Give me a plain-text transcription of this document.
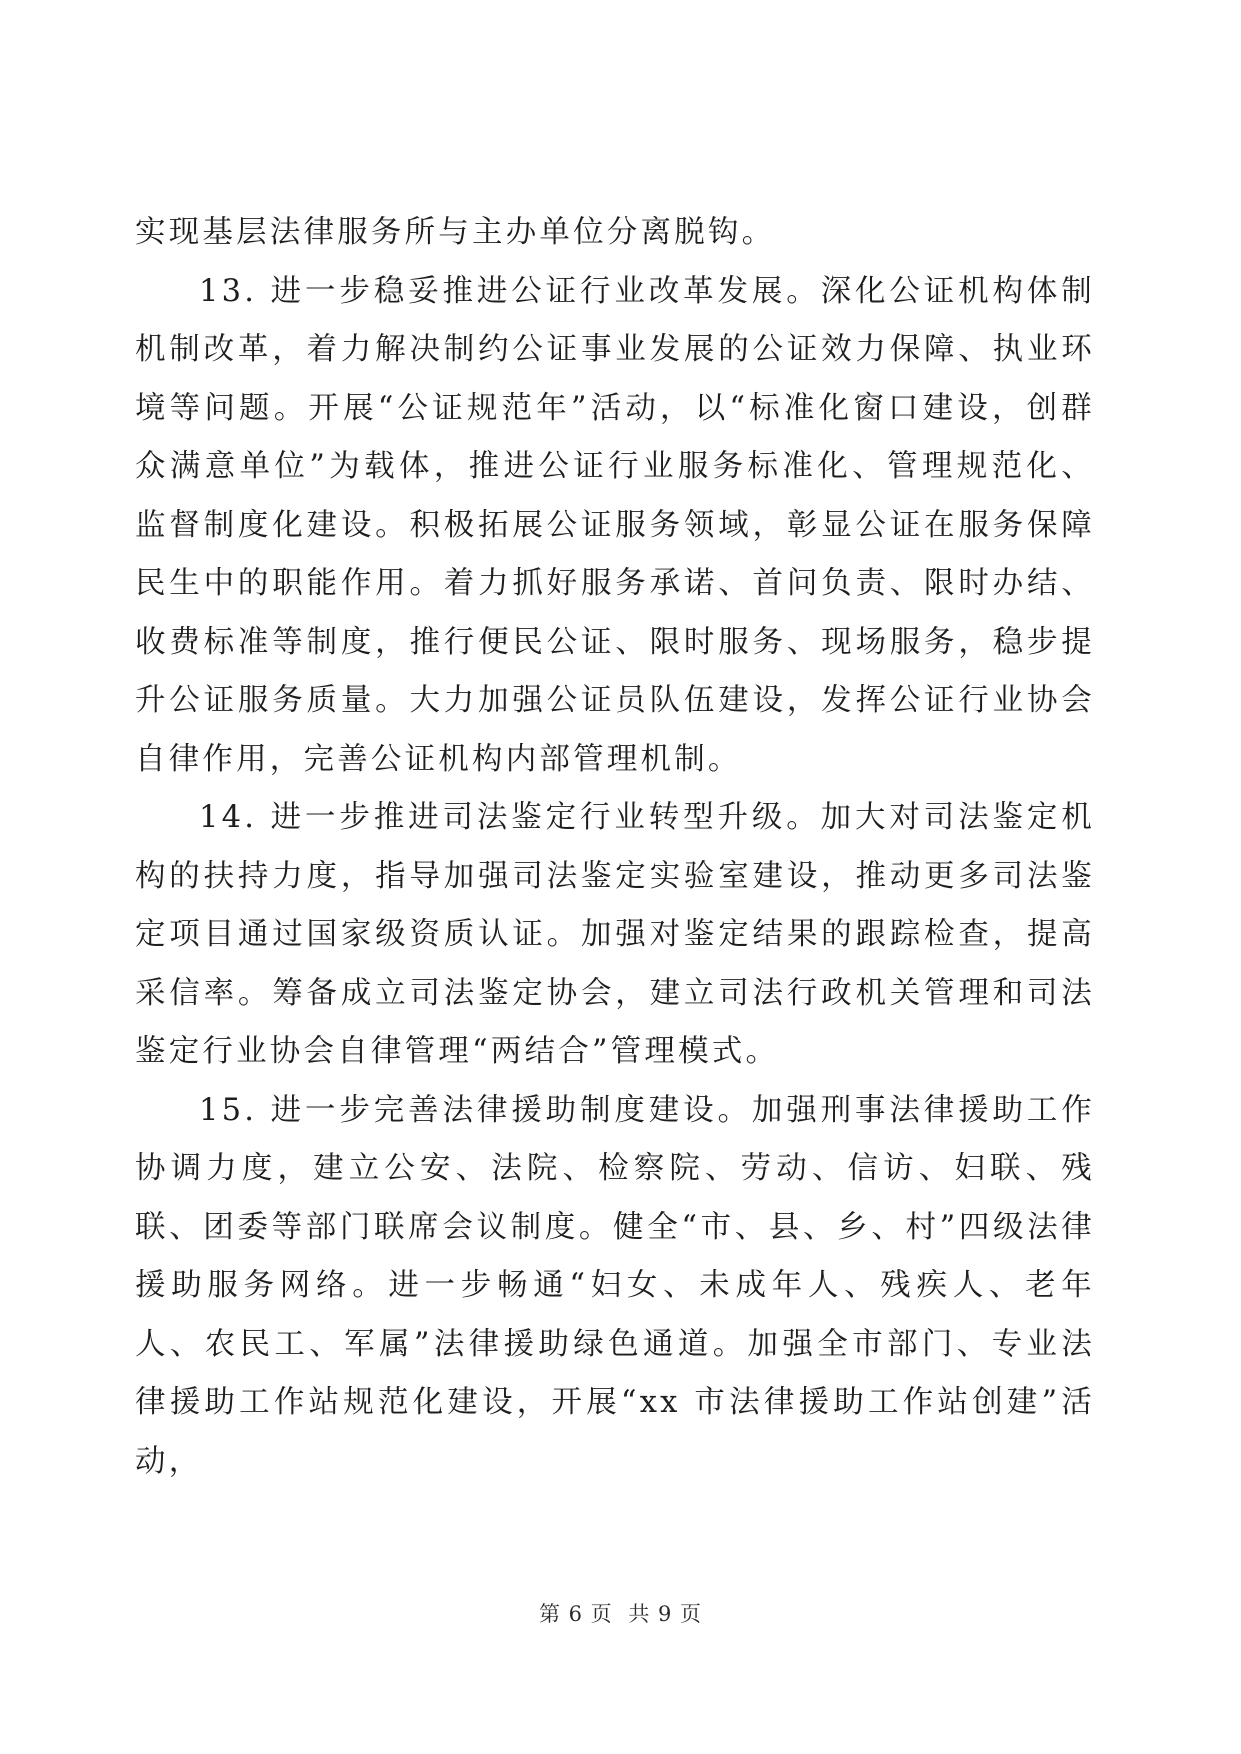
实现基层法律服务所与主办单位分离脱钩。

13. 进一步稳妥推进公证行业改革发展。深化公证机构体制机制改革，着力解决制约公证事业发展的公证效力保障、执业环境等问题。开展“公证规范年”活动，以“标准化窗口建设，创群众满意单位”为载体，推进公证行业服务标准化、管理规范化、监督制度化建设。积极拓展公证服务领域，彰显公证在服务保障民生中的职能作用。着力抓好服务承诺、首问负责、限时办结、收费标准等制度，推行便民公证、限时服务、现场服务，稳步提升公证服务质量。大力加强公证员队伍建设，发挥公证行业协会自律作用，完善公证机构内部管理机制。

14. 进一步推进司法鉴定行业转型升级。加大对司法鉴定机构的扶持力度，指导加强司法鉴定实验室建设，推动更多司法鉴定项目通过国家级资质认证。加强对鉴定结果的跟踪检查，提高采信率。筹备成立司法鉴定协会，建立司法行政机关管理和司法鉴定行业协会自律管理“两结合”管理模式。

15. 进一步完善法律援助制度建设。加强刑事法律援助工作协调力度，建立公安、法院、检察院、劳动、信访、妇联、残联、团委等部门联席会议制度。健全“市、县、乡、村”四级法律援助服务网络。进一步畅通“妇女、未成年人、残疾人、老年人、农民工、军属”法律援助绿色通道。加强全市部门、专业法律援助工作站规范化建设，开展“xx 市法律援助工作站创建”活动，

第 6 页 共 9 页
